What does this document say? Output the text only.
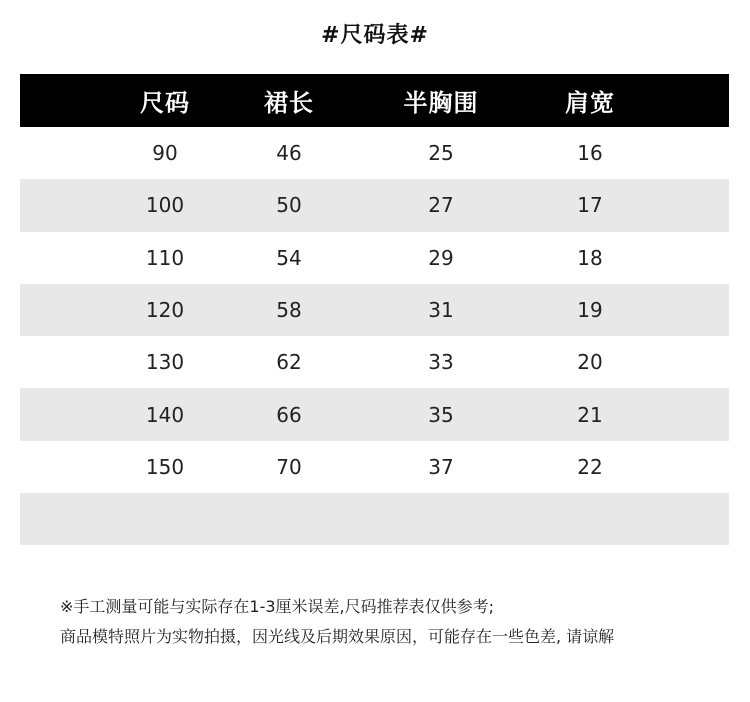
#尺码表#
尺码	裙长	半胸围	肩宽
90	46	25	16
100	50	27	17
110	54	29	18
120	58	31	19
130	62	33	20
140	66	35	21
150	70	37	22
※手工测量可能与实际存在1-3厘米误差,尺码推荐表仅供参考;
商品模特照片为实物拍摄，因光线及后期效果原因，可能存在一些色差, 请谅解
